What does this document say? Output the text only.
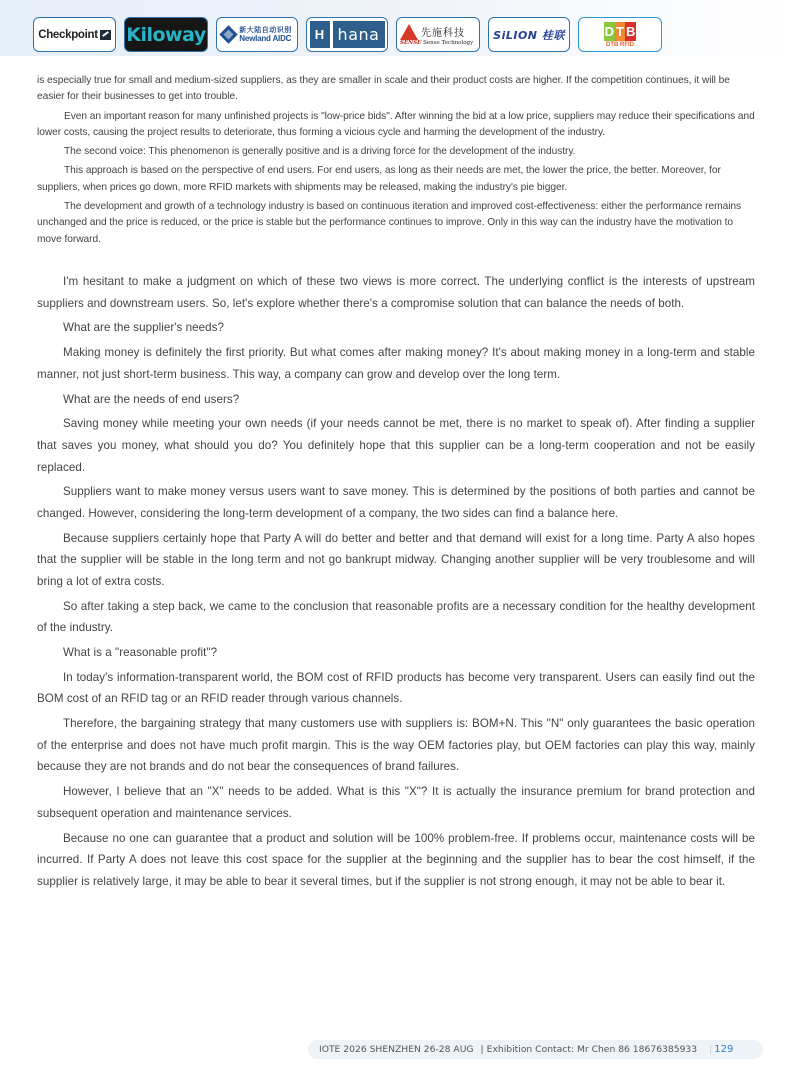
Checkpoint Kiloway	新大陆自动识别
Newland AIDC	H hana	先施科技
SENSE Sense Technology
SiLION 桂联	D T B
DTB RFID

is especially true for small and medium-sized suppliers, as they are smaller in scale and their product costs are higher. If the competition continues, it will be easier for their businesses to get into trouble.

Even an important reason for many unfinished projects is "low-price bids". After winning the bid at a low price, suppliers may reduce their specifications and lower costs, causing the project results to deteriorate, thus forming a vicious cycle and harming the development of the industry.

The second voice: This phenomenon is generally positive and is a driving force for the development of the industry.

This approach is based on the perspective of end users. For end users, as long as their needs are met, the lower the price, the better. Moreover, for suppliers, when prices go down, more RFID markets with shipments may be released, making the industry's pie bigger.

The development and growth of a technology industry is based on continuous iteration and improved cost-effectiveness: either the performance remains unchanged and the price is reduced, or the price is stable but the performance continues to improve. Only in this way can the industry have the motivation to move forward.

I'm hesitant to make a judgment on which of these two views is more correct. The underlying conflict is the interests of upstream suppliers and downstream users. So, let's explore whether there's a compromise solution that can balance the needs of both.

What are the supplier's needs?

Making money is definitely the first priority. But what comes after making money? It's about making money in a long-term and stable manner, not just short-term business. This way, a company can grow and develop over the long term.

What are the needs of end users?

Saving money while meeting your own needs (if your needs cannot be met, there is no market to speak of). After finding a supplier that saves you money, what should you do? You definitely hope that this supplier can be a long-term cooperation and not be easily replaced.

Suppliers want to make money versus users want to save money. This is determined by the positions of both parties and cannot be changed. However, considering the long-term development of a company, the two sides can find a balance here.

Because suppliers certainly hope that Party A will do better and better and that demand will exist for a long time. Party A also hopes that the supplier will be stable in the long term and not go bankrupt midway. Changing another supplier will be very troublesome and will bring a lot of extra costs.

So after taking a step back, we came to the conclusion that reasonable profits are a necessary condition for the healthy development of the industry.

What is a "reasonable profit"?

In today's information-transparent world, the BOM cost of RFID products has become very transparent. Users can easily find out the BOM cost of an RFID tag or an RFID reader through various channels.

Therefore, the bargaining strategy that many customers use with suppliers is: BOM+N. This "N" only guarantees the basic operation of the enterprise and does not have much profit margin. This is the way OEM factories play, but OEM factories can play this way, mainly because they are not brands and do not bear the consequences of brand failures.

However, I believe that an "X" needs to be added. What is this "X"? It is actually the insurance premium for brand protection and subsequent operation and maintenance services.

Because no one can guarantee that a product and solution will be 100% problem-free. If problems occur, maintenance costs will be incurred. If Party A does not leave this cost space for the supplier at the beginning and the supplier has to bear the cost himself, if the supplier is relatively large, it may be able to bear it several times, but if the supplier is not strong enough, it may not be able to bear it.

IOTE 2026 SHENZHEN 26-28 AUG | Exhibition Contact: Mr Chen 86 18676385933 | 129
